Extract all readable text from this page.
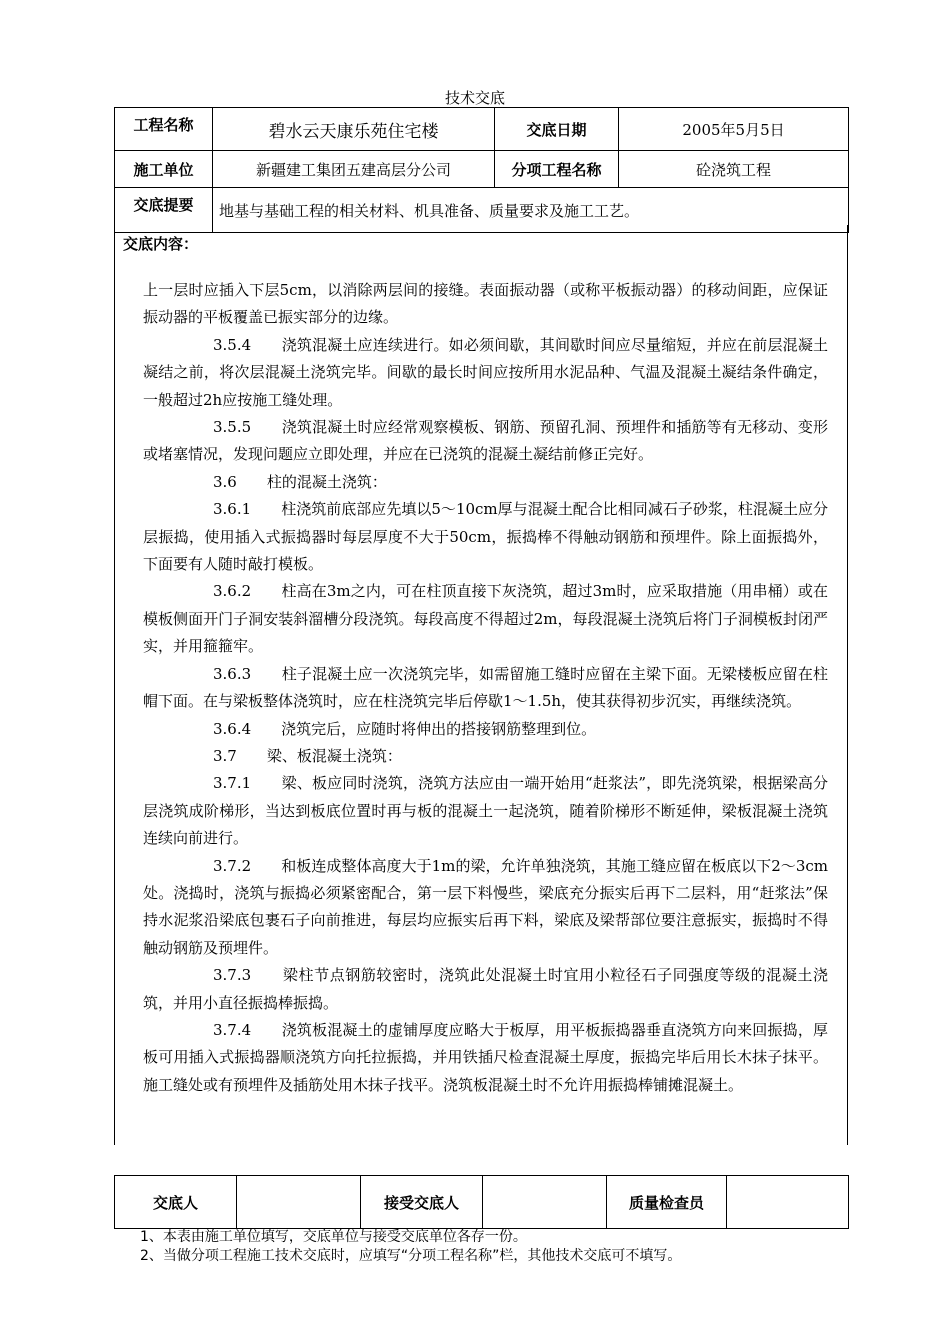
技术交底
工程名称	碧水云天康乐苑住宅楼	交底日期	2005年5月5日
施工单位	新疆建工集团五建高层分公司	分项工程名称	砼浇筑工程
交底提要	地基与基础工程的相关材料、机具准备、质量要求及施工工艺。		
交底内容：

上一层时应插入下层5cm，以消除两层间的接缝。表面振动器（或称平板振动器）的移动间距，应保证振动器的平板覆盖已振实部分的边缘。

3.5.4　　浇筑混凝土应连续进行。如必须间歇，其间歇时间应尽量缩短，并应在前层混凝土凝结之前，将次层混凝土浇筑完毕。间歇的最长时间应按所用水泥品种、气温及混凝土凝结条件确定，一般超过2h应按施工缝处理。

3.5.5　　浇筑混凝土时应经常观察模板、钢筋、预留孔洞、预埋件和插筋等有无移动、变形或堵塞情况，发现问题应立即处理，并应在已浇筑的混凝土凝结前修正完好。

3.6　　柱的混凝土浇筑：

3.6.1　　柱浇筑前底部应先填以5～10cm厚与混凝土配合比相同减石子砂浆，柱混凝土应分层振捣，使用插入式振捣器时每层厚度不大于50cm，振捣棒不得触动钢筋和预埋件。除上面振捣外，下面要有人随时敲打模板。

3.6.2　　柱高在3m之内，可在柱顶直接下灰浇筑，超过3m时，应采取措施（用串桶）或在模板侧面开门子洞安装斜溜槽分段浇筑。每段高度不得超过2m，每段混凝土浇筑后将门子洞模板封闭严实，并用箍箍牢。

3.6.3　　柱子混凝土应一次浇筑完毕，如需留施工缝时应留在主梁下面。无梁楼板应留在柱帽下面。在与梁板整体浇筑时，应在柱浇筑完毕后停歇1～1.5h，使其获得初步沉实，再继续浇筑。

3.6.4　　浇筑完后，应随时将伸出的搭接钢筋整理到位。

3.7　　梁、板混凝土浇筑：

3.7.1　　梁、板应同时浇筑，浇筑方法应由一端开始用“赶浆法”，即先浇筑梁，根据梁高分层浇筑成阶梯形，当达到板底位置时再与板的混凝土一起浇筑，随着阶梯形不断延伸，梁板混凝土浇筑连续向前进行。

3.7.2　　和板连成整体高度大于1m的梁，允许单独浇筑，其施工缝应留在板底以下2～3cm处。浇捣时，浇筑与振捣必须紧密配合，第一层下料慢些，梁底充分振实后再下二层料，用“赶浆法”保持水泥浆沿梁底包裹石子向前推进，每层均应振实后再下料，梁底及梁帮部位要注意振实，振捣时不得触动钢筋及预埋件。

3.7.3　　梁柱节点钢筋较密时，浇筑此处混凝土时宜用小粒径石子同强度等级的混凝土浇筑，并用小直径振捣棒振捣。

3.7.4　　浇筑板混凝土的虚铺厚度应略大于板厚，用平板振捣器垂直浇筑方向来回振捣，厚板可用插入式振捣器顺浇筑方向托拉振捣，并用铁插尺检查混凝土厚度，振捣完毕后用长木抹子抹平。施工缝处或有预埋件及插筋处用木抹子找平。浇筑板混凝土时不允许用振捣棒铺摊混凝土。

交底人		接受交底人		质量检查员	

1、本表由施工单位填写，交底单位与接受交底单位各存一份。

2、当做分项工程施工技术交底时，应填写“分项工程名称”栏，其他技术交底可不填写。
